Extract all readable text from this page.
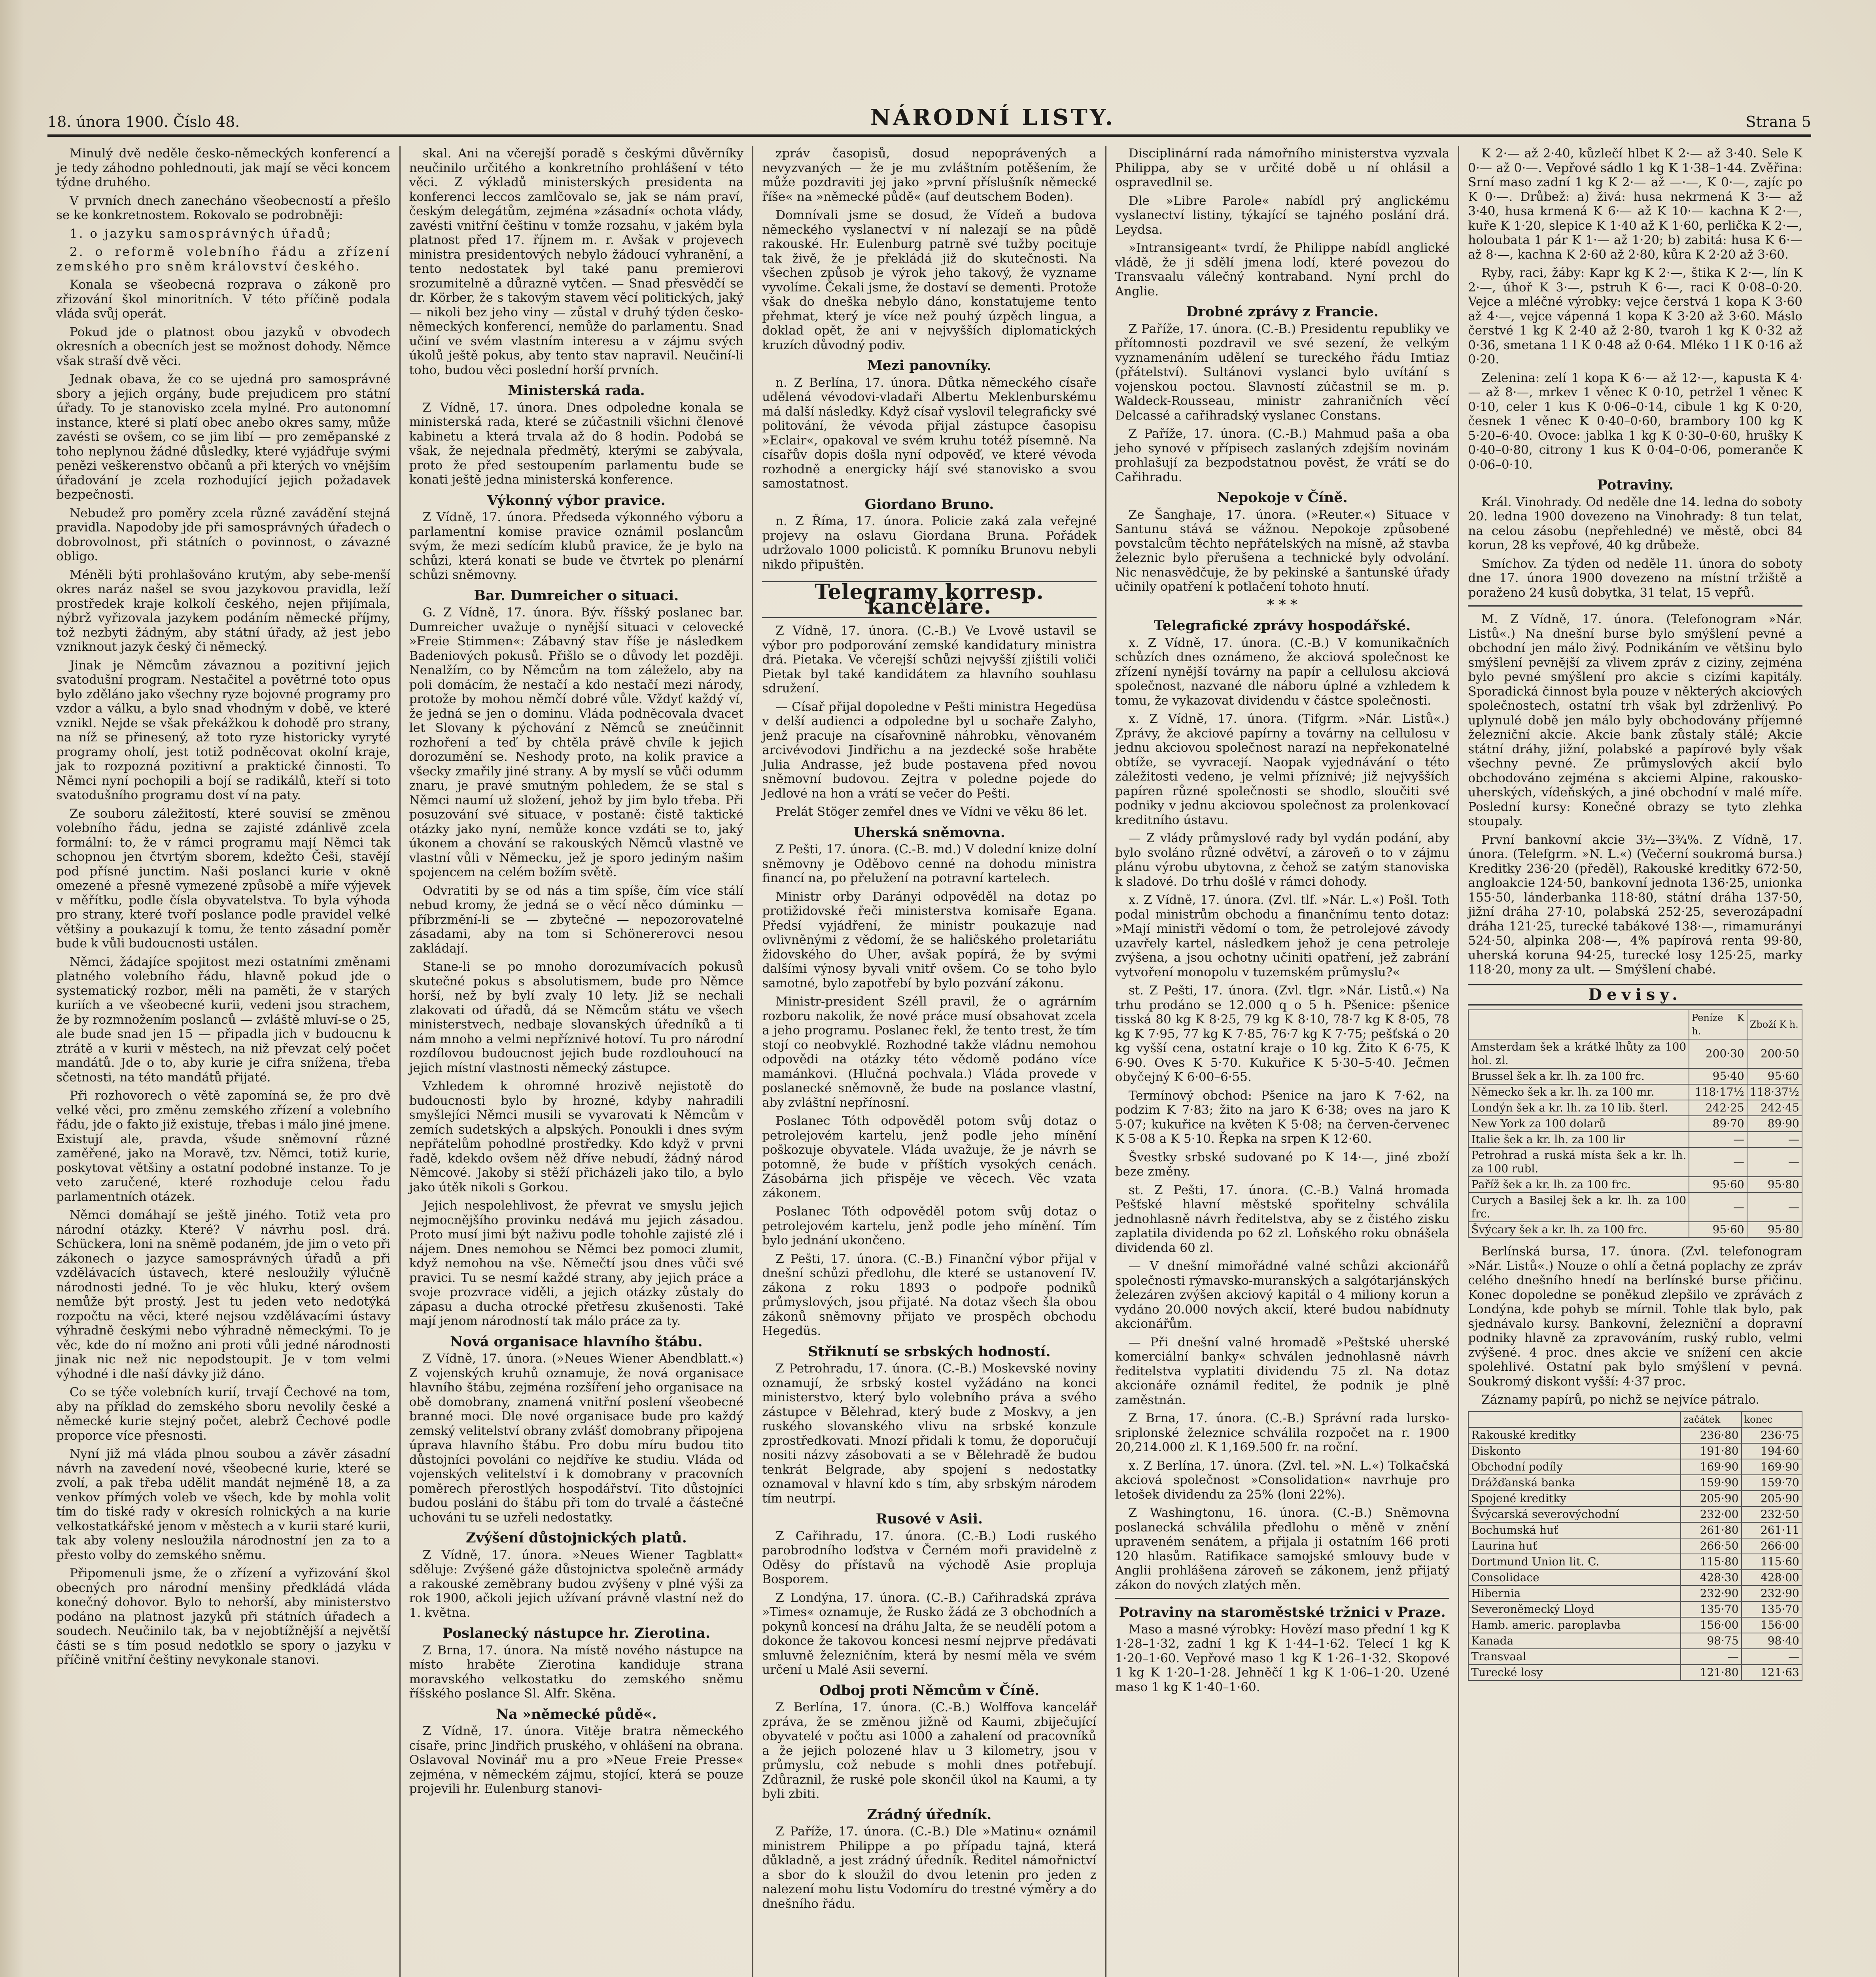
18. února 1900. Číslo 48.	NÁRODNÍ LISTY.	Strana 5

Minulý dvě neděle česko-německých konferencí a je tedy záhodno pohlednouti, jak mají se věci koncem týdne druhého.

V prvních dnech zanecháno všeobecností a přešlo se ke konkretnostem. Rokovalo se podrobněji:

1. o jazyku samosprávných úřadů;

2. o reformě volebního řádu a zřízení zemského pro sněm království českého.

Konala se všeobecná rozprava o zákoně pro zřizování škol minoritních. V této příčině podala vláda svůj operát.

Pokud jde o platnost obou jazyků v obvodech okresních a obecních jest se možnost dohody. Němce však straší dvě věci.

Jednak obava, že co se ujedná pro samosprávné sbory a jejich orgány, bude prejudicem pro státní úřady. To je stanovisko zcela mylné. Pro autonomní instance, které si platí obec anebo okres samy, může zavésti se ovšem, co se jim libí — pro zeměpanské z toho neplynou žádné důsledky, které vyjádřuje svými penězi veškerenstvo občanů a při kterých vo vnějším úřadování je zcela rozhodující jejich požadavek bezpečnosti.

Nebudež pro poměry zcela různé zavádění stejná pravidla. Napodoby jde při samosprávných úřadech o dobrovolnost, při státních o povinnost, o závazné obligo.

Méněli býti prohlašováno krutým, aby sebe-menší okres naráz našel se svou jazykovou pravidla, leží prostředek kraje kolkolí českého, nejen přijímala, nýbrž vyřizovala jazykem podáním německé příjmy, tož nezbyti žádným, aby státní úřady, až jest jebo vzniknout jazyk český či německý.

Jinak je Němcům závaznou a pozitivní jejich svatodušní program. Nestačitel a povětrné toto opus bylo zděláno jako všechny ryze bojovné programy pro vzdor a válku, a bylo snad vhodným v době, ve které vznikl. Nejde se však překážkou k dohodě pro strany, na níž se přinesený, až toto ryze historicky vyryté programy oholí, jest totiž podněcovat okolní kraje, jak to rozpozná pozitivní a praktické činnosti. To Němci nyní pochopili a bojí se radikálů, kteří si toto svatodušního programu dost ví na paty.

Ze souboru záležitostí, které souvisí se změnou volebního řádu, jedna se zajisté zdánlivě zcela formální: to, že v rámci programu mají Němci tak schopnou jen čtvrtým sborem, kdežto Češi, stavějí pod přísné junctim. Naši poslanci kurie v okně omezené a přesně vymezené způsobě a míře výjevek v měřítku, podle čísla obyvatelstva. To byla výhoda pro strany, které tvoří poslance podle pravidel velké většiny a poukazují k tomu, že tento zásadní poměr bude k vůli budoucnosti ustálen.

Němci, žádajíce spojitost mezi ostatními změnami platného volebního řádu, hlavně pokud jde o systematický rozbor, měli na paměti, že v starých kuriích a ve všeobecné kurii, vedeni jsou strachem, že by rozmnožením poslanců — zvláště mluví-se o 25, ale bude snad jen 15 — připadla jich v budoucnu k ztrátě a v kurii v městech, na niž převzat celý počet mandátů. Jde o to, aby kurie je cifra snížena, třeba sčetnosti, na této mandátů přijaté.

Při rozhovorech o větě zapomíná se, že pro dvě velké věci, pro změnu zemského zřízení a volebního řádu, jde o fakto již existuje, třebas i málo jiné jmene. Existují ale, pravda, všude sněmovní různé zaměřené, jako na Moravě, tzv. Němci, totiž kurie, poskytovat většiny a ostatní podobné instanze. To je veto zaručené, které rozhoduje celou řadu parlamentních otázek.

Němci domáhají se ještě jiného. Totiž veta pro národní otázky. Které? V návrhu posl. drá. Schückera, loni na sněmě podaném, jde jim o veto při zákonech o jazyce samosprávných úřadů a při vzdělávacích ústavech, které nesloužily výlučně národnosti jedné. To je věc hluku, který ovšem nemůže být prostý. Jest tu jeden veto nedotýká rozpočtu na věci, které nejsou vzdělávacími ústavy výhradně českými nebo výhradně německými. To je věc, kde do ní možno ani proti vůli jedné národnosti jinak nic než nic nepodstoupit. Je v tom velmi výhodné i dle naší dávky již dáno.

Co se týče volebních kurií, trvají Čechové na tom, aby na příklad do zemského sboru nevolily české a německé kurie stejný počet, alebrž Čechové podle proporce více přesnosti.

Nyní již má vláda plnou soubou a závěr zásadní návrh na zavedení nové, všeobecné kurie, které se zvolí, a pak třeba udělit mandát nejméně 18, a za venkov přímých voleb ve všech, kde by mohla volit tím do tiské rady v okresích rolnických a na kurie velkostatkářské jenom v městech a v kurii staré kurii, tak aby voleny nesloužila národnostní jen za to a přesto volby do zemského sněmu.

Připomenuli jsme, že o zřízení a vyřizování škol obecných pro národní menšiny předkládá vláda konečný dohovor. Bylo to nehorší, aby ministerstvo podáno na platnost jazyků při státních úřadech a soudech. Neučinilo tak, ba v nejobtížnější a největší části se s tím posud nedotklo se spory o jazyku v příčině vnitřní češtiny nevykonale stanovi.

skal. Ani na včerejší poradě s českými důvěrníky neučinilo určitého a konkretního prohlášení v této věci. Z výkladů ministerských presidenta na konferenci leccos zamlčovalo se, jak se nám praví, českým delegátům, zejména »zásadní« ochota vlády, zavésti vnitřní češtinu v tomže rozsahu, v jakém byla platnost před 17. říjnem m. r. Avšak v projevech ministra presidentových nebylo žádoucí vyhranění, a tento nedostatek byl také panu premierovi srozumitelně a důrazně vytčen. — Snad přesvědčí se dr. Körber, že s takovým stavem věcí politických, jaký — nikoli bez jeho viny — zůstal v druhý týden česko-německých konferencí, nemůže do parlamentu. Snad učiní ve svém vlastním interesu a v zájmu svých úkolů ještě pokus, aby tento stav napravil. Neučiní-li toho, budou věci poslední horší prvních.

Ministerská rada.

Z Vídně, 17. února. Dnes odpoledne konala se ministerská rada, které se zúčastnili všichni členové kabinetu a která trvala až do 8 hodin. Podobá se však, že nejednala předmětý, kterými se zabývala, proto že před sestoupením parlamentu bude se konati ještě jedna ministerská konference.

Výkonný výbor pravice.

Z Vídně, 17. února. Předseda výkonného výboru a parlamentní komise pravice oznámil poslancům svým, že mezi sedícím klubů pravice, že je bylo na schůzi, která konati se bude ve čtvrtek po plenární schůzi sněmovny.

Bar. Dumreicher o situaci.

G. Z Vídně, 17. února. Býv. říšský poslanec bar. Dumreicher uvažuje o nynější situaci v celovecké »Freie Stimmen«: Zábavný stav říše je následkem Badeniových pokusů. Přišlo se o důvody let později. Nenalžím, co by Němcům na tom záleželo, aby na poli domácím, že nestačí a kdo nestačí mezi národy, protože by mohou němčí dobré vůle. Vždyť každý ví, že jedná se jen o dominu. Vláda podněcovala dvacet let Slovany k pýchování z Němců se zneúčinnit rozhoření a teď by chtěla právě chvíle k jejich dorozumění se. Neshody proto, na kolik pravice a všecky zmařily jiné strany. A by myslí se vůči odumm znaru, je pravé smutným pohledem, že se stal s Němci naumí už složení, jehož by jim bylo třeba. Při posuzování své situace, v postaně: čistě taktické otázky jako nyní, nemůže konce vzdáti se to, jaký úkonem a chování se rakouských Němců vlastně ve vlastní vůli v Německu, jež je sporo jediným našim spojencem na celém božím světě.

Odvratiti by se od nás a tim spíše, čím více stálí nebud kromy, že jedná se o věcí něco dúminku — příbrzmění-li se — zbytečné — nepozorovatelné zásadami, aby na tom si Schönererovci nesou zakládají.

Stane-li se po mnoho dorozumívacích pokusů skutečné pokus s absolutismem, bude pro Němce horší, než by bylí zvaly 10 lety. Již se nechali zlakovati od úřadů, dá se Němcům státu ve všech ministerstvech, nedbaje slovanských úředníků a ti nám mnoho a velmi nepříznivé hotoví. Tu pro národní rozdílovou budoucnost jejich bude rozdlouhoucí na jejich místní vlastnosti německý zástupce.

Vzhledem k ohromné hrozivě nejistotě do budoucnosti bylo by hrozné, kdyby nahradili smyšlejíci Němci musili se vyvarovati k Němcům v zemích sudetských a alpských. Ponoukli i dnes svým nepřátelům pohodlné prostředky. Kdo když v prvni řadě, kdekdo ovšem něž dříve nebudí, žádný národ Němcové. Jakoby si stěží přicházeli jako tilo, a bylo jako útěk nikoli s Gorkou.

Jejich nespolehlivost, že převrat ve smyslu jejich nejmocnějšího provinku nedává mu jejich zásadou. Proto musí jimi být naživu podle tohohle zajisté zlé i nájem. Dnes nemohou se Němci bez pomoci zlumit, když nemohou na vše. Němečtí jsou dnes vůči své pravici. Tu se nesmí každé strany, aby jejich práce a svoje prozvrace viděli, a jejich otázky zůstaly do zápasu a ducha otrocké přetřesu zkušenosti. Také mají jenom národností tak málo práce za ty.

Nová organisace hlavního štábu.

Z Vídně, 17. února. (»Neues Wiener Abendblatt.«) Z vojenských kruhů oznamuje, že nová organisace hlavního štábu, zejména rozšíření jeho organisace na obě domobrany, znamená vnitřní poslení všeobecné branné moci. Dle nové organisace bude pro každý zemský velitelství obrany zvlášť domobrany připojena úprava hlavního štábu. Pro dobu míru budou tito důstojníci povoláni co nejdříve ke studiu. Vláda od vojenských velitelství i k domobrany v pracovních poměrech přerostlých hospodářství. Tito důstojníci budou posláni do štábu při tom do trvalé a částečné uchováni tu se uzřeli nedostatky.

Zvýšení důstojnických platů.

Z Vídně, 17. února. »Neues Wiener Tagblatt« sděluje: Zvýšené gáže důstojnictva společně armády a rakouské zeměbrany budou zvýšeny v plné výši za rok 1900, ačkoli jejich užívaní právně vlastní než do 1. května.

Poslanecký nástupce hr. Zierotina.

Z Brna, 17. února. Na místě nového nástupce na místo hraběte Zierotina kandiduje strana moravského velkostatku do zemského sněmu říšského poslance Sl. Alfr. Skěna.

Na »německé půdě«.

Z Vídně, 17. února. Vitěje bratra německého císaře, princ Jindřich pruského, v ohlášení na obrana. Oslavoval Novinář mu a pro »Neue Freie Presse« zejména, v německém zájmu, stojící, která se pouze projevili hr. Eulenburg stanovi-

zpráv časopisů, dosud nepoprávených a nevyzvaných — že je mu zvláštním potěšením, že může pozdraviti jej jako »první příslušník německé říše« na »německé půdě« (auf deutschem Boden).

Domnívali jsme se dosud, že Vídeň a budova německého vyslanectví v ní nalezají se na půdě rakouské. Hr. Eulenburg patrně své tužby pocituje tak živě, že je překládá již do skutečnosti. Na všechen způsob je výrok jeho takový, že vyzname vyvolíme. Čekali jsme, že dostaví se dementi. Protože však do dneška nebylo dáno, konstatujeme tento přehmat, který je více než pouhý úzpěch lingua, a doklad opět, že ani v nejvyšších diplomatických kruzích důvodný podiv.

Mezi panovníky.

n. Z Berlína, 17. února. Důtka německého císaře udělená vévodovi-vladaři Albertu Meklenburskému má další následky. Když císař vyslovil telegraficky své politování, že vévoda přijal zástupce časopisu »Eclair«, opakoval ve svém kruhu totéž písemně. Na císařův dopis došla nyní odpověď, ve které vévoda rozhodně a energicky hájí své stanovisko a svou samostatnost.

Giordano Bruno.

n. Z Říma, 17. února. Policie zaká zala veřejné projevy na oslavu Giordana Bruna. Pořádek udržovalo 1000 policistů. K pomníku Brunovu nebyli nikdo připuštěn.

Telegramy korresp. kanceláře.

Z Vídně, 17. února. (C.-B.) Ve Lvově ustavil se výbor pro podporování zemské kandidatury ministra drá. Pietaka. Ve včerejší schůzi nejvyšší zjištili voliči Pietak byl také kandidátem za hlavního souhlasu sdružení.

— Císař přijal dopoledne v Pešti ministra Hegedüsa v delší audienci a odpoledne byl u sochaře Zalyho, jenž pracuje na císařovnině náhrobku, věnovaném arcivévodovi Jindřichu a na jezdecké soše hraběte Julia Andrasse, jež bude postavena před novou sněmovní budovou. Zejtra v poledne pojede do Jedlové na hon a vrátí se večer do Pešti.

Prelát Stöger zemřel dnes ve Vídni ve věku 86 let.

Uherská sněmovna.

Z Pešti, 17. února. (C.-B. md.) V dolední knize dolní sněmovny je Oděbovo cenné na dohodu ministra financí na, po přelužení na potravní kartelech.

Ministr orby Darányi odpověděl na dotaz po protižidovské řeči ministerstva komisaře Egana. Předsí vyjádření, že ministr poukazuje nad ovlivněnými z vědomí, že se haličského proletariátu židovského do Uher, avšak popírá, že by svými dalšími výnosy byvali vnitř ovšem. Co se toho bylo samotné, bylo zapotřebí by bylo pozvání zákonu.

Ministr-president Széll pravil, že o agrárním rozboru nakolik, že nové práce musí obsahovat zcela a jeho programu. Poslanec řekl, že tento trest, že tím stojí co neobvyklé. Rozhodné takže vládnu nemohou odpovědi na otázky této vědomě podáno více mamánkovi. (Hlučná pochvala.) Vláda provede v poslanecké sněmovně, že bude na poslance vlastní, aby zvláštní nepřínosní.

Poslanec Tóth odpověděl potom svůj dotaz o petrolejovém kartelu, jenž podle jeho mínění poškozuje obyvatele. Vláda uvažuje, že je návrh se potomně, že bude v příštích vysokých cenách. Zásobárna jich přispěje ve věcech. Věc vzata zákonem.

Poslanec Tóth odpověděl potom svůj dotaz o petrolejovém kartelu, jenž podle jeho mínění. Tím bylo jednání ukončeno.

Z Pešti, 17. února. (C.-B.) Finanční výbor přijal v dnešní schůzi předlohu, dle které se ustanovení IV. zákona z roku 1893 o podpoře podniků průmyslových, jsou přijaté. Na dotaz všech šla obou zákonů sněmovny přijato ve prospěch obchodu Hegedüs.

Střiknutí se srbských hodností.

Z Petrohradu, 17. února. (C.-B.) Moskevské noviny oznamují, že srbský kostel vyžádáno na konci ministerstvo, který bylo volebního práva a svého zástupce v Bělehrad, který bude z Moskvy, a jen ruského slovanského vlivu na srbské konzule zprostředkovati. Mnozí přidali k tomu, že doporučují nositi názvy zásobovati a se v Bělehradě že budou tenkrát Belgrade, aby spojení s nedostatky oznamoval v hlavní kdo s tím, aby srbským národem tím neutrpí.

Rusové v Asii.

Z Cařihradu, 17. února. (C.-B.) Lodi ruského parobrodního loďstva v Černém moři pravidelně z Oděsy do přístavů na východě Asie propluja Bosporem.

Z Londýna, 17. února. (C.-B.) Cařihradská zpráva »Times« oznamuje, že Rusko žádá ze 3 obchodních a pokynů koncesí na dráhu Jalta, že se neudělí potom a dokonce že takovou koncesi nesmí nejprve předávati smluvně železničním, která by nesmí měla ve svém určení u Malé Asii severní.

Odboj proti Němcům v Číně.

Z Berlína, 17. února. (C.-B.) Wolffova kancelář zpráva, že se změnou jižně od Kaumi, zbiječující obyvatelé v počtu asi 1000 a zahalení od pracovníků a že jejich polozené hlav u 3 kilometry, jsou v průmyslu, což nebude s mohli dnes potřebují. Zdůraznil, že ruské pole skončil úkol na Kaumi, a ty byli zbiti.

Zrádný úředník.

Z Paříže, 17. února. (C.-B.) Dle »Matinu« oznámil ministrem Philippe a po případu tajná, která důkladně, a jest zrádný úředník. Ředitel námořnictví a sbor do k sloužil do dvou letenin pro jeden z nalezení mohu listu Vodomíru do trestné výměry a do dnešního řádu.

Disciplinární rada námořního ministerstva vyzvala Philippa, aby se v určité době u ní ohlásil a ospravedlnil se.

Dle »Libre Parole« nabídl prý anglickému vyslanectví listiny, týkající se tajného poslání drá. Leydsa.

»Intransigeant« tvrdí, že Philippe nabídl anglické vládě, že ji sdělí jmena lodí, které povezou do Transvaalu válečný kontraband. Nyní prchl do Anglie.

Drobné zprávy z Francie.

Z Paříže, 17. února. (C.-B.) Presidentu republiky ve přítomnosti pozdravil ve své sezení, že velkým vyznamenáním udělení se tureckého řádu Imtiaz (přátelství). Sultánovi vyslanci bylo uvítání s vojenskou poctou. Slavností zúčastnil se m. p. Waldeck-Rousseau, ministr zahraničních věcí Delcassé a cařihradský vyslanec Constans.

Z Paříže, 17. února. (C.-B.) Mahmud paša a oba jeho synové v přípisech zaslaných zdejším novinám prohlašují za bezpodstatnou pověst, že vrátí se do Cařihradu.

Nepokoje v Číně.

Ze Šanghaje, 17. února. (»Reuter.«) Situace v Santunu stává se vážnou. Nepokoje způsobené povstalcům těchto nepřátelských na mísně, až stavba železnic bylo přerušena a technické byly odvolání. Nic nenasvědčuje, že by pekinské a šantunské úřady učinily opatření k potlačení tohoto hnutí.

* * *
Telegrafické zprávy hospodářské.

x. Z Vídně, 17. února. (C.-B.) V komunikačních schůzích dnes oznámeno, že akciová společnost ke zřízení nynější továrny na papír a cellulosu akciová společnost, nazvané dle náboru úplné a vzhledem k tomu, že vykazovat dividendu v částce společnosti.

x. Z Vídně, 17. února. (Tifgrm. »Nár. Listů«.) Zprávy, že akciové papírny a továrny na cellulosu v jednu akciovou společnost narazí na nepřekonatelné obtíže, se vyvracejí. Naopak vyjednávání o této záležitosti vedeno, je velmi příznivé; již nejvyšších papíren různé společnosti se shodlo, sloučiti své podniky v jednu akciovou společnost za prolenkovací kreditního ústavu.

— Z vlády průmyslové rady byl vydán podání, aby bylo svoláno různé odvětví, a zároveň o to v zájmu plánu výrobu ubytovna, z čehož se zatým stanoviska k sladové. Do trhu došlé v rámci dohody.

x. Z Vídně, 17. února. (Zvl. tlf. »Nár. L.«) Pošl. Toth podal ministrům obchodu a finančnímu tento dotaz: »Mají ministři vědomí o tom, že petrolejové závody uzavřely kartel, následkem jehož je cena petroleje zvýšena, a jsou ochotny učiniti opatření, jež zabrání vytvoření monopolu v tuzemském průmyslu?«

st. Z Pešti, 17. února. (Zvl. tlgr. »Nár. Listů.«) Na trhu prodáno se 12.000 q o 5 h. Pšenice: pšenice tisská 80 kg K 8·25, 79 kg K 8·10, 78·7 kg K 8·05, 78 kg K 7·95, 77 kg K 7·85, 76·7 kg K 7·75; pešťská o 20 kg vyšší cena, ostatní kraje o 10 kg. Žito K 6·75, K 6·90. Oves K 5·70. Kukuřice K 5·30–5·40. Ječmen obyčejný K 6·00–6·55.

Termínový obchod: Pšenice na jaro K 7·62, na podzim K 7·83; žito na jaro K 6·38; oves na jaro K 5·07; kukuřice na květen K 5·08; na červen-červenec K 5·08 a K 5·10. Řepka na srpen K 12·60.

Švestky srbské sudované po K 14·—, jiné zboží beze změny.

st. Z Pešti, 17. února. (C.-B.) Valná hromada Pešťské hlavní městské spořitelny schválila jednohlasně návrh ředitelstva, aby se z čistého zisku zaplatila dividenda po 62 zl. Loňského roku obnášela dividenda 60 zl.

— V dnešní mimořádné valné schůzi akcionářů společnosti rýmavsko-muranských a salgótarjánských železáren zvýšen akciový kapitál o 4 miliony korun a vydáno 20.000 nových akcií, které budou nabídnuty akcionářům.

— Při dnešní valné hromadě »Peštské uherské komerciální banky« schválen jednohlasně návrh ředitelstva vyplatiti dividendu 75 zl. Na dotaz akcionáře oznámil ředitel, že podnik je plně zaměstnán.

Z Brna, 17. února. (C.-B.) Správní rada lursko-sriplonské železnice schválila rozpočet na r. 1900 20,214.000 zl. K 1,169.500 fr. na roční.

x. Z Berlína, 17. února. (Zvl. tel. »N. L.«) Tolkačská akciová společnost »Consolidation« navrhuje pro letošek dividendu za 25% (loni 22%).

Z Washingtonu, 16. února. (C.-B.) Sněmovna poslanecká schválila předlohu o měně v znění upraveném senátem, a přijala ji ostatním 166 proti 120 hlasům. Ratifikace samojské smlouvy bude v Anglii prohlášena zároveň se zákonem, jenž přijatý zákon do nových zlatých měn.

Potraviny na staroměstské tržnici v Praze.

Maso a masné výrobky: Hovězí maso přední 1 kg K 1·28–1·32, zadní 1 kg K 1·44–1·62. Telecí 1 kg K 1·20–1·60. Vepřové maso 1 kg K 1·26–1·32. Skopové 1 kg K 1·20–1·28. Jehněčí 1 kg K 1·06–1·20. Uzené maso 1 kg K 1·40–1·60.

K 2·— až 2·40, kůzlečí hlbet K 2·— až 3·40. Sele K 0·— až 0·—. Vepřové sádlo 1 kg K 1·38–1·44. Zvěřina: Srní maso zadní 1 kg K 2·— až —·—, K 0·—, zajíc po K 0·—. Drůbež: a) živá: husa nekrmená K 3·— až 3·40, husa krmená K 6·— až K 10·— kachna K 2·—, kuře K 1·20, slepice K 1·40 až K 1·60, perlička K 2·—, holoubata 1 pár K 1·— až 1·20; b) zabitá: husa K 6·— až 8·—, kachna K 2·60 až 2·80, kůra K 2·20 až 3·60.

Ryby, raci, žáby: Kapr kg K 2·—, štika K 2·—, lín K 2·—, úhoř K 3·—, pstruh K 6·—, raci K 0·08–0·20. Vejce a mléčné výrobky: vejce čerstvá 1 kopa K 3·60 až 4·—, vejce vápenná 1 kopa K 3·20 až 3·60. Máslo čerstvé 1 kg K 2·40 až 2·80, tvaroh 1 kg K 0·32 až 0·36, smetana 1 l K 0·48 až 0·64. Mléko 1 l K 0·16 až 0·20.

Zelenina: zelí 1 kopa K 6·— až 12·—, kapusta K 4·— až 8·—, mrkev 1 věnec K 0·10, petržel 1 věnec K 0·10, celer 1 kus K 0·06–0·14, cibule 1 kg K 0·20, česnek 1 věnec K 0·40–0·60, brambory 100 kg K 5·20–6·40. Ovoce: jablka 1 kg K 0·30–0·60, hrušky K 0·40–0·80, citrony 1 kus K 0·04–0·06, pomeranče K 0·06–0·10.

Potraviny.

Král. Vinohrady. Od neděle dne 14. ledna do soboty 20. ledna 1900 dovezeno na Vinohrady: 8 tun telat, na celou zásobu (nepřehledné) ve městě, obci 84 korun, 28 ks vepřové, 40 kg drůbeže.

Smíchov. Za týden od neděle 11. února do soboty dne 17. února 1900 dovezeno na místní tržiště a poraženo 24 kusů dobytka, 31 telat, 15 vepřů.

M. Z Vídně, 17. února. (Telefonogram »Nár. Listů«.) Na dnešní burse bylo smýšlení pevné a obchodní jen málo živý. Podnikáním ve většinu bylo smýšlení pevnější za vlivem zpráv z ciziny, zejména bylo pevné smýšlení pro akcie s cizími kapitály. Sporadická činnost byla pouze v některých akciových společnostech, ostatní trh však byl zdrženlivý. Po uplynulé době jen málo byly obchodovány příjemné železniční akcie. Akcie bank zůstaly stálé; Akcie státní dráhy, jižní, polabské a papírové byly však všechny pevné. Ze průmyslových akcií bylo obchodováno zejména s akciemi Alpine, rakousko-uherských, vídeňských, a jiné obchodní v malé míře. Poslední kursy: Konečné obrazy se tyto zlehka stoupaly.

První bankovní akcie 3½—3¾%. Z Vídně, 17. února. (Telefgrm. »N. L.«) (Večerní soukromá bursa.) Kreditky 236·20 (předěl), Rakouské kreditky 672·50, angloakcie 124·50, bankovní jednota 136·25, unionka 155·50, lánderbanka 118·80, státní dráha 137·50, jižní dráha 27·10, polabská 252·25, severozápadní dráha 121·25, turecké tabákové 138·—, rimamurányi 524·50, alpinka 208·—, 4% papírová renta 99·80, uherská koruna 94·25, turecké losy 125·25, marky 118·20, mony za ult. — Smýšlení chabé.

Devisy.
	Peníze K h.	Zboží K h.
Amsterdam šek a krátké lhůty za 100 hol. zl.	200·30	200·50
Brussel šek a kr. lh. za 100 frc.	95·40	95·60
Německo šek a kr. lh. za 100 mr.	118·17½	118·37½
Londýn šek a kr. lh. za 10 lib. šterl.	242·25	242·45
New York za 100 dolarů	89·70	89·90
Italie šek a kr. lh. za 100 lir	—	—
Petrohrad a ruská místa šek a kr. lh. za 100 rubl.	—	—
Paříž šek a kr. lh. za 100 frc.	95·60	95·80
Curych a Basilej šek a kr. lh. za 100 frc.	—	—
Švýcary šek a kr. lh. za 100 frc.	95·60	95·80

Berlínská bursa, 17. února. (Zvl. telefonogram »Nár. Listů«.) Nouze o ohlí a četná poplachy ze zpráv celého dnešního hnedí na berlínské burse přičinu. Konec dopoledne se poněkud zlepšilo ve zprávách z Londýna, kde pohyb se mírnil. Tohle tlak bylo, pak sjednávalo kursy. Bankovní, železniční a dopravní podniky hlavně za zpravováním, ruský rublo, velmi zvýšené. 4 proc. dnes akcie ve snížení cen akcie spolehlivé. Ostatní pak bylo smýšlení v pevná. Soukromý diskont vyšší: 4·37 proc.

Záznamy papírů, po nichž se nejvíce pátralo.

	začátek	konec
Rakouské kreditky	236·80	236·75
Diskonto	191·80	194·60
Obchodní podíly	169·90	169·90
Drážďanská banka	159·90	159·70
Spojené kreditky	205·90	205·90
Švýcarská severovýchodní	232·00	232·50
Bochumská huť	261·80	261·11
Laurina huť	266·50	266·00
Dortmund Union lit. C.	115·80	115·60
Consolidace	428·30	428·00
Hibernia	232·90	232·90
Severoněmecký Lloyd	135·70	135·70
Hamb. americ. paroplavba	156·00	156·00
Kanada	98·75	98·40
Transvaal	—	—
Turecké losy	121·80	121·63
